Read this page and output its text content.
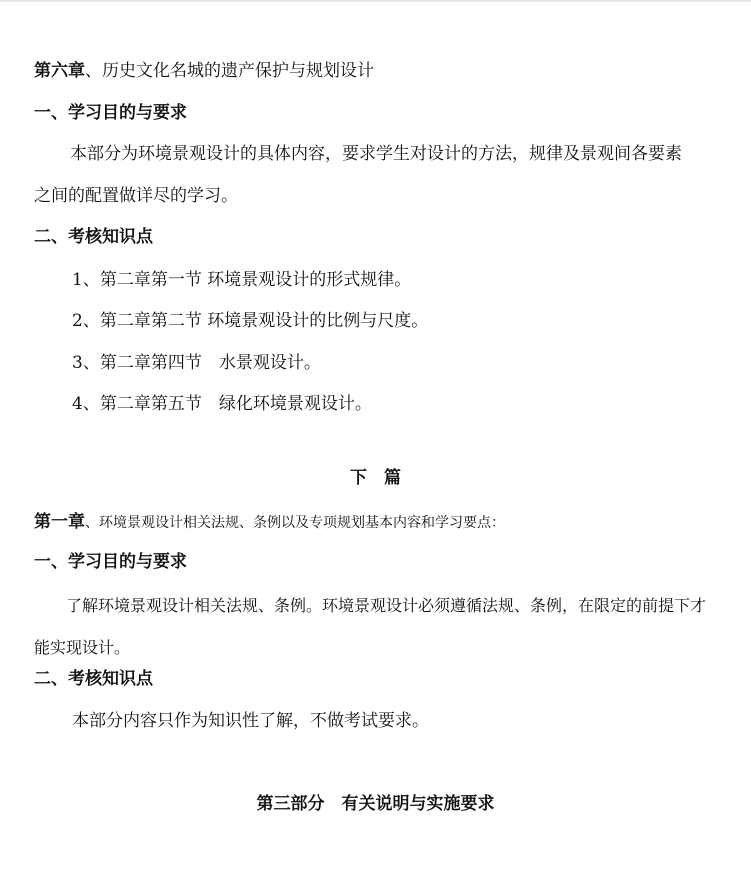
第六章、历史文化名城的遗产保护与规划设计
一、学习目的与要求
本部分为环境景观设计的具体内容，要求学生对设计的方法，规律及景观间各要素
之间的配置做详尽的学习。
二、考核知识点
1、第二章第一节 环境景观设计的形式规律。
2、第二章第二节 环境景观设计的比例与尺度。
3、第二章第四节　水景观设计。
4、第二章第五节　绿化环境景观设计。
下　篇
第一章、环境景观设计相关法规、条例以及专项规划基本内容和学习要点：
一、学习目的与要求
了解环境景观设计相关法规、条例。环境景观设计必须遵循法规、条例，在限定的前提下才
能实现设计。
二、考核知识点
本部分内容只作为知识性了解，不做考试要求。
第三部分　有关说明与实施要求
